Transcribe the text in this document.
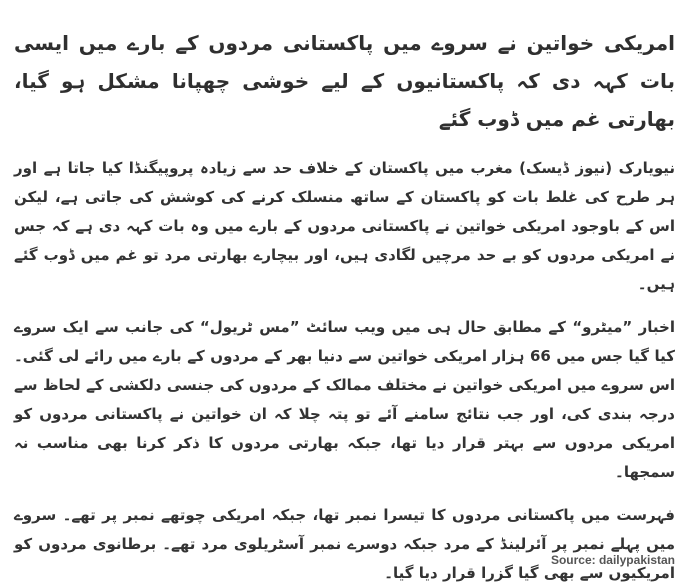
امریکی خواتین نے سروے میں پاکستانی مردوں کے بارے میں ایسی بات کہہ دی کہ پاکستانیوں کے لیے خوشی چھپانا مشکل ہو گیا، بھارتی غم میں ڈوب گئے

نیویارک (نیوز ڈیسک) مغرب میں پاکستان کے خلاف حد سے زیادہ پروپیگنڈا کیا جاتا ہے اور ہر طرح کی غلط بات کو پاکستان کے ساتھ منسلک کرنے کی کوشش کی جاتی ہے، لیکن اس کے باوجود امریکی خواتین نے پاکستانی مردوں کے بارے میں وہ بات کہہ دی ہے کہ جس نے امریکی مردوں کو بے حد مرچیں لگادی ہیں، اور بیچارے بھارتی مرد تو غم میں ڈوب گئے ہیں۔

اخبار ”میٹرو“ کے مطابق حال ہی میں ویب سائٹ ”مس ٹریول“ کی جانب سے ایک سروے کیا گیا جس میں 66 ہزار امریکی خواتین سے دنیا بھر کے مردوں کے بارے میں رائے لی گئی۔ اس سروے میں امریکی خواتین نے مختلف ممالک کے مردوں کی جنسی دلکشی کے لحاظ سے درجہ بندی کی، اور جب نتائج سامنے آئے تو پتہ چلا کہ ان خواتین نے پاکستانی مردوں کو امریکی مردوں سے بہتر قرار دیا تھا، جبکہ بھارتی مردوں کا ذکر کرنا بھی مناسب نہ سمجھا۔

فہرست میں پاکستانی مردوں کا تیسرا نمبر تھا، جبکہ امریکی چوتھے نمبر پر تھے۔ سروے میں پہلے نمبر پر آئرلینڈ کے مرد جبکہ دوسرے نمبر آسٹریلوی مرد تھے۔ برطانوی مردوں کو امریکیوں سے بھی گیا گزرا قرار دیا گیا۔

Source: dailypakistan
